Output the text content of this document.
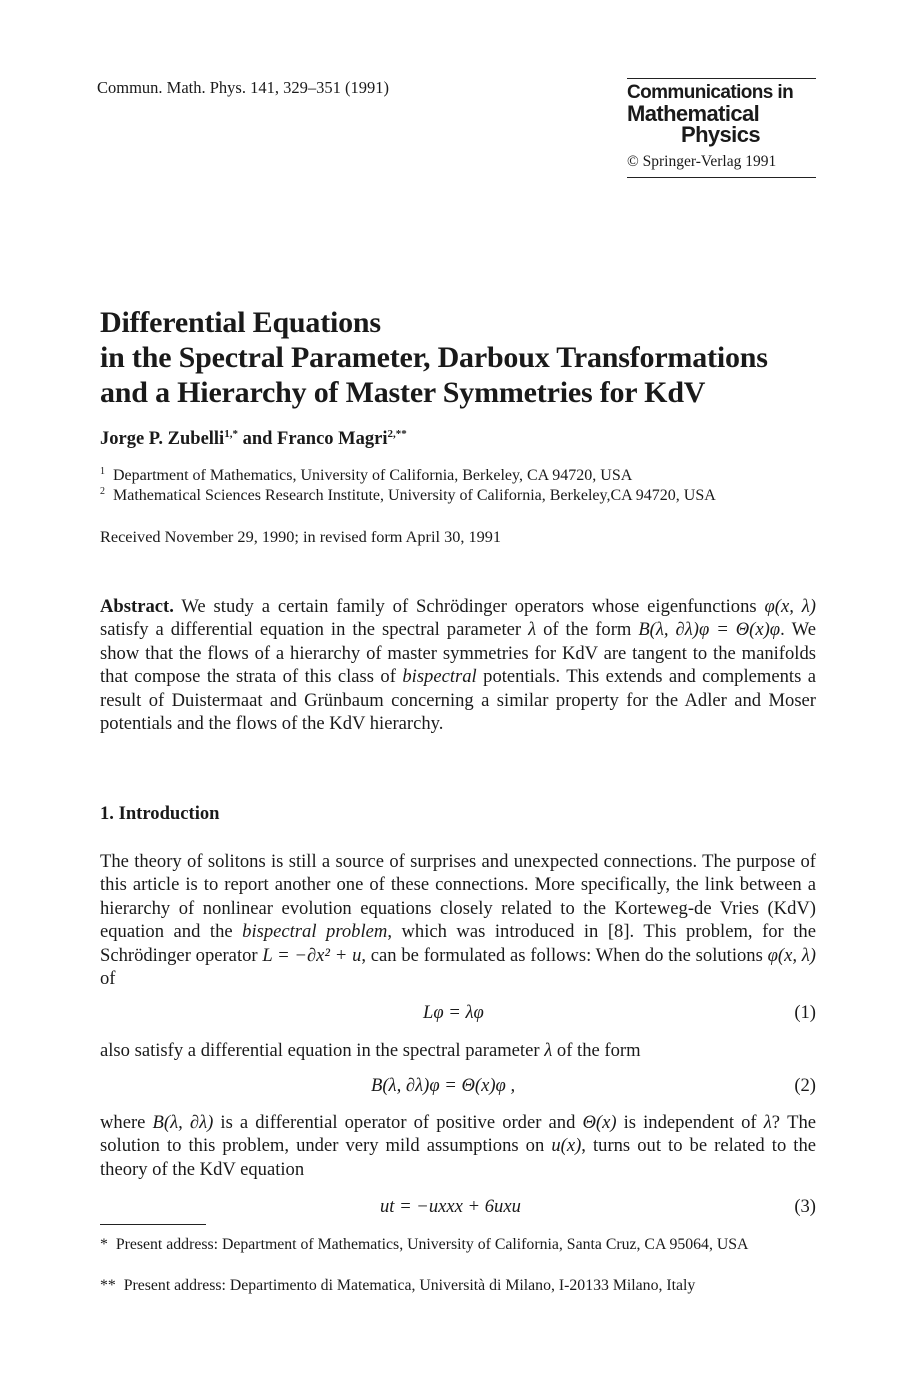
Commun. Math. Phys. 141, 329–351 (1991)	Communications in
Mathematical
Physics
© Springer-Verlag 1991
Differential Equations
in the Spectral Parameter, Darboux Transformations
and a Hierarchy of Master Symmetries for KdV
Jorge P. Zubelli$^{1,*}$ and Franco Magri$^{2,**}$
$^1$ Department of Mathematics, University of California, Berkeley, CA 94720, USA
$^2$ Mathematical Sciences Research Institute, University of California, Berkeley,CA 94720, USA
Received November 29, 1990; in revised form April 30, 1991
Abstract. We study a certain family of Schrödinger operators whose eigenfunctions φ(x, λ) satisfy a differential equation in the spectral parameter λ of the form B(λ, ∂λ)φ = Θ(x)φ. We show that the flows of a hierarchy of master symmetries for KdV are tangent to the manifolds that compose the strata of this class of bispectral potentials. This extends and complements a result of Duistermaat and Grünbaum concerning a similar property for the Adler and Moser potentials and the flows of the KdV hierarchy.
1. Introduction
The theory of solitons is still a source of surprises and unexpected connections. The purpose of this article is to report another one of these connections. More specifically, the link between a hierarchy of nonlinear evolution equations closely related to the Korteweg-de Vries (KdV) equation and the bispectral problem, which was introduced in [8]. This problem, for the Schrödinger operator L = −∂x² + u, can be formulated as follows: When do the solutions φ(x, λ) of
Lφ = λφ	(1)
also satisfy a differential equation in the spectral parameter λ of the form
B(λ, ∂λ)φ = Θ(x)φ ,	(2)
where B(λ, ∂λ) is a differential operator of positive order and Θ(x) is independent of λ? The solution to this problem, under very mild assumptions on u(x), turns out to be related to the theory of the KdV equation
ut = −uxxx + 6uxu	(3)
* Present address: Department of Mathematics, University of California, Santa Cruz, CA 95064, USA
** Present address: Departimento di Matematica, Università di Milano, I-20133 Milano, Italy
